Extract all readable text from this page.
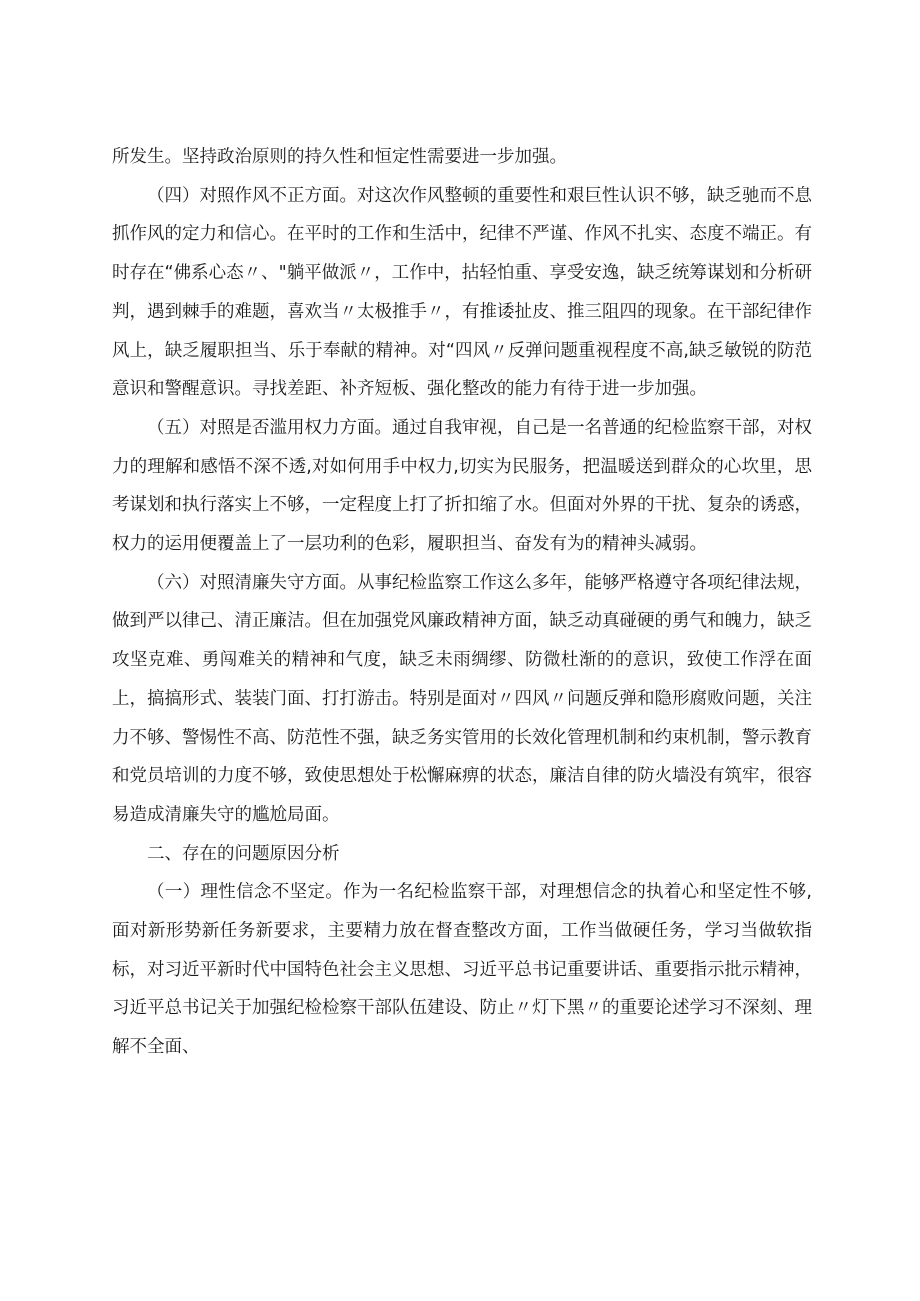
所发生。坚持政治原则的持久性和恒定性需要进一步加强。

（四）对照作风不正方面。对这次作风整顿的重要性和艰巨性认识不够，缺乏驰而不息抓作风的定力和信心。在平时的工作和生活中，纪律不严谨、作风不扎实、态度不端正。有时存在“佛系心态〃、"躺平做派〃，工作中，拈轻怕重、享受安逸，缺乏统筹谋划和分析研判，遇到棘手的难题，喜欢当〃太极推手〃，有推诿扯皮、推三阻四的现象。在干部纪律作风上，缺乏履职担当、乐于奉献的精神。对“四风〃反弹问题重视程度不高,缺乏敏锐的防范意识和警醒意识。寻找差距、补齐短板、强化整改的能力有待于进一步加强。

（五）对照是否滥用权力方面。通过自我审视，自己是一名普通的纪检监察干部，对权力的理解和感悟不深不透,对如何用手中权力,切实为民服务，把温暖送到群众的心坎里，思考谋划和执行落实上不够，一定程度上打了折扣缩了水。但面对外界的干扰、复杂的诱惑，权力的运用便覆盖上了一层功利的色彩，履职担当、奋发有为的精神头减弱。

（六）对照清廉失守方面。从事纪检监察工作这么多年，能够严格遵守各项纪律法规，做到严以律己、清正廉洁。但在加强党风廉政精神方面，缺乏动真碰硬的勇气和魄力，缺乏攻坚克难、勇闯难关的精神和气度，缺乏未雨绸缪、防微杜渐的的意识，致使工作浮在面上，搞搞形式、装装门面、打打游击。特别是面对〃四风〃问题反弹和隐形腐败问题，关注力不够、警惕性不高、防范性不强，缺乏务实管用的长效化管理机制和约束机制，警示教育和党员培训的力度不够，致使思想处于松懈麻痹的状态，廉洁自律的防火墙没有筑牢，很容易造成清廉失守的尴尬局面。

二、存在的问题原因分析

（一）理性信念不坚定。作为一名纪检监察干部，对理想信念的执着心和坚定性不够,面对新形势新任务新要求，主要精力放在督查整改方面，工作当做硬任务，学习当做软指标，对习近平新时代中国特色社会主义思想、习近平总书记重要讲话、重要指示批示精神，习近平总书记关于加强纪检检察干部队伍建设、防止〃灯下黑〃的重要论述学习不深刻、理解不全面、
